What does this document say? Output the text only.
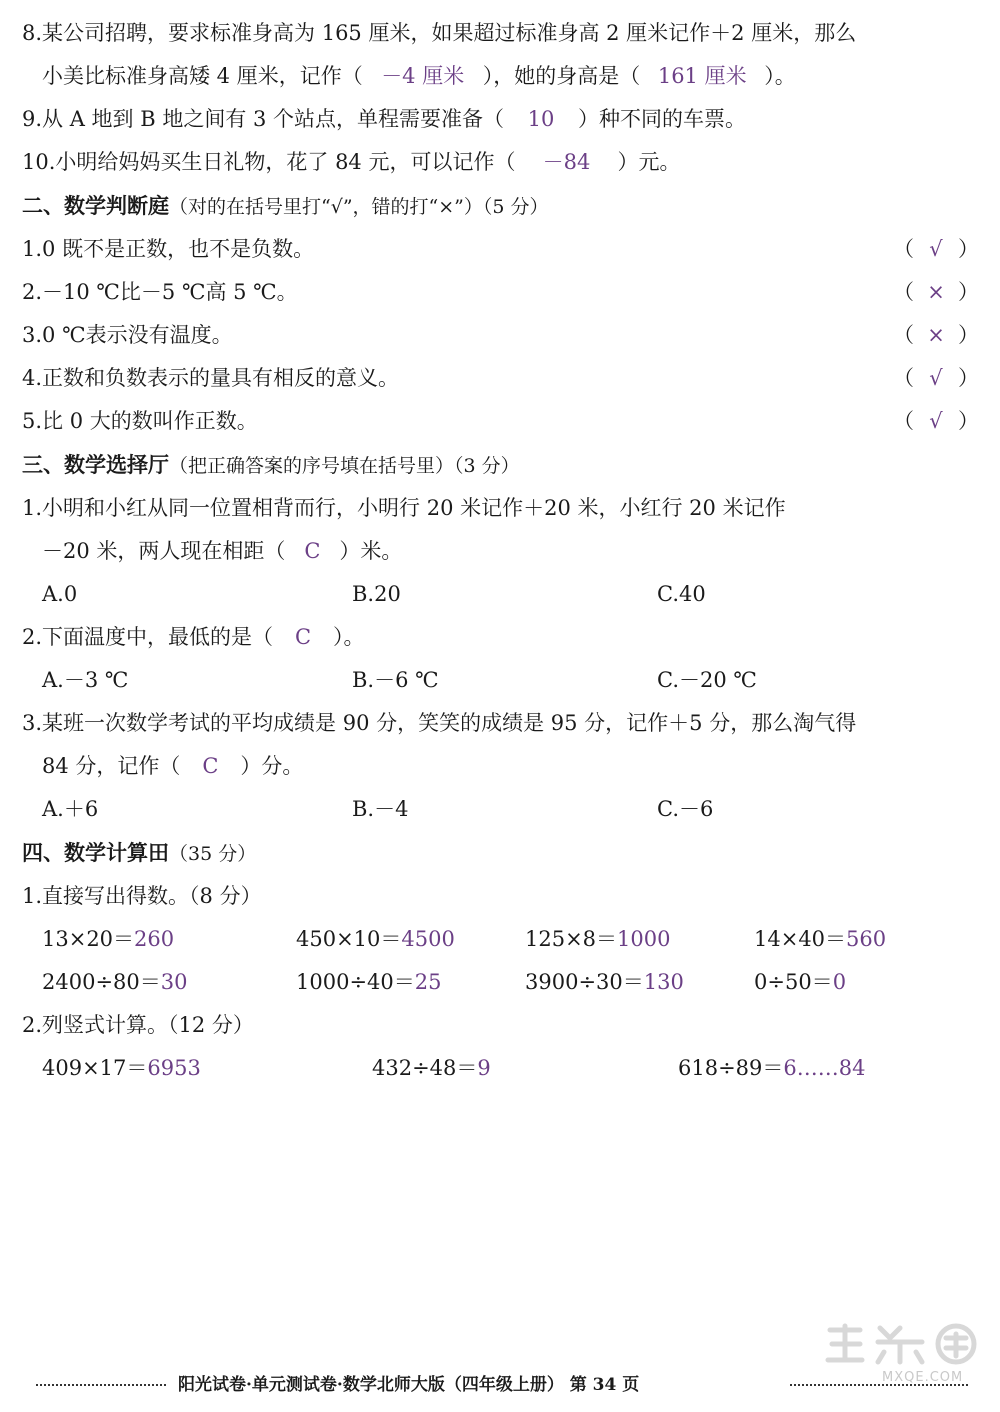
8.某公司招聘，要求标准身高为 165 厘米，如果超过标准身高 2 厘米记作＋2 厘米，那么
小美比标准身高矮 4 厘米，记作（ －4 厘米 ），她的身高是（ 161 厘米 ）。
9.从 A 地到 B 地之间有 3 个站点，单程需要准备（ 10 ）种不同的车票。
10.小明给妈妈买生日礼物，花了 84 元，可以记作（ －84 ）元。
二、数学判断庭（对的在括号里打“√”，错的打“×”）（5 分）
1.0 既不是正数，也不是负数。	（ √ ）
2.－10 ℃比－5 ℃高 5 ℃。	（ × ）
3.0 ℃表示没有温度。	（ × ）
4.正数和负数表示的量具有相反的意义。	（ √ ）
5.比 0 大的数叫作正数。	（ √ ）
三、数学选择厅（把正确答案的序号填在括号里）（3 分）
1.小明和小红从同一位置相背而行，小明行 20 米记作＋20 米，小红行 20 米记作
－20 米，两人现在相距（ C ）米。
A.0	B.20	C.40
2.下面温度中，最低的是（ C ）。
A.－3 ℃	B.－6 ℃	C.－20 ℃
3.某班一次数学考试的平均成绩是 90 分，笑笑的成绩是 95 分，记作＋5 分，那么淘气得
84 分，记作（ C ）分。
A.＋6	B.－4	C.－6
四、数学计算田（35 分）
1.直接写出得数。（8 分）
13×20＝260	450×10＝4500	125×8＝1000	14×40＝560
2400÷80＝30	1000÷40＝25	3900÷30＝130	0÷50＝0
2.列竖式计算。（12 分）
409×17＝6953	432÷48＝9	618÷89＝6……84
MXQE.COM
阳光试卷·单元测试卷·数学北师大版（四年级上册） 第 34 页
